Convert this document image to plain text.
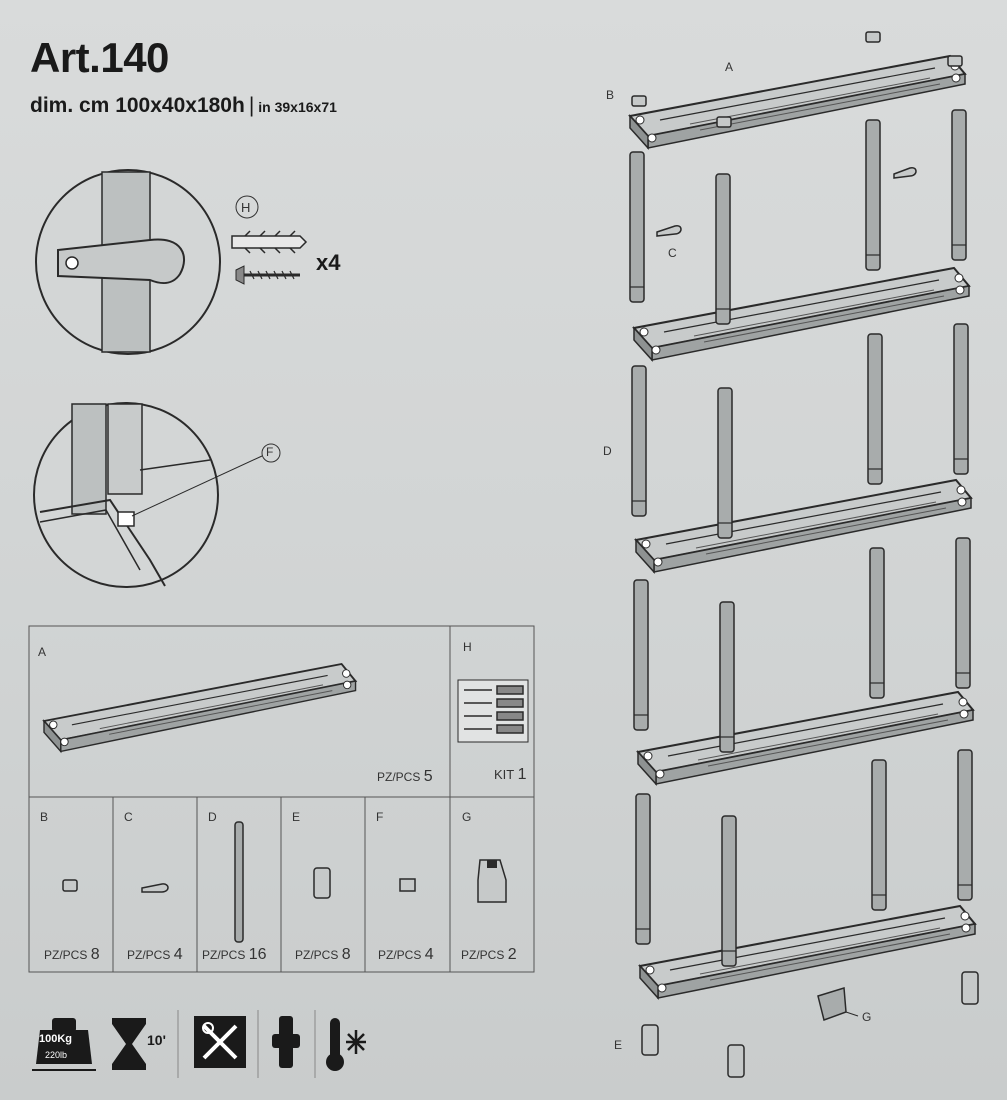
Art.140
dim. cm 100x40x180h | in 39x16x71
H
A	H
PZ/PCS 5	KIT 1
B	C	D	E	F	G
PZ/PCS 8 PZ/PCS 4 PZ/PCS 16 PZ/PCS 8 PZ/PCS 4 PZ/PCS 2
x4
F
A
B
C
D
E
G
100Kg
220lb
10'
